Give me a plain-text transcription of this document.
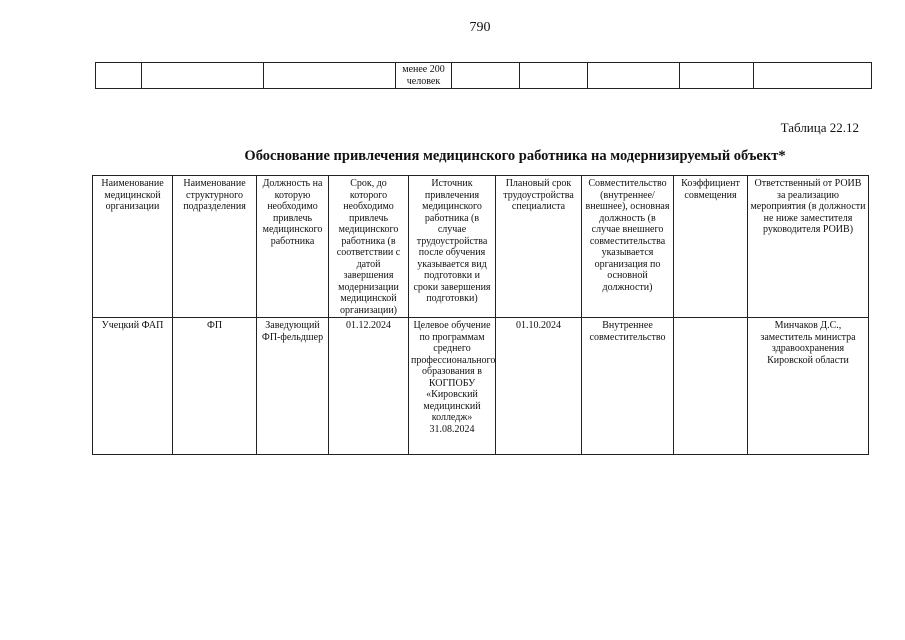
790
			менее 200 человек					
Таблица 22.12
Обоснование привлечения медицинского работника на модернизируемый объект*
Наименование медицинской организации	Наименование структурного подразделения	Должность на которую необходимо привлечь медицинского работника	Срок, до которого необходимо привлечь медицинского работника (в соответствии с датой завершения модернизации медицинской организации)	Источник привлечения медицинского работника (в случае трудоустройства после обучения указывается вид подготовки и сроки завершения подготовки)	Плановый срок трудоустройства специалиста	Совместительство (внутреннее/внешнее), основная должность (в случае внешнего совместительства указывается организация по основной должности)	Коэффициент совмещения	Ответственный от РОИВ за реализацию мероприятия (в должности не ниже заместителя руководителя РОИВ)
Учецкий ФАП	ФП	Заведующий ФП-фельдшер	01.12.2024	Целевое обучение по программам среднего профессионального образования в КОГПОБУ «Кировский медицинский колледж» 31.08.2024	01.10.2024	Внутреннее совместительство		Минчаков Д.С., заместитель министра здравоохранения Кировской области
